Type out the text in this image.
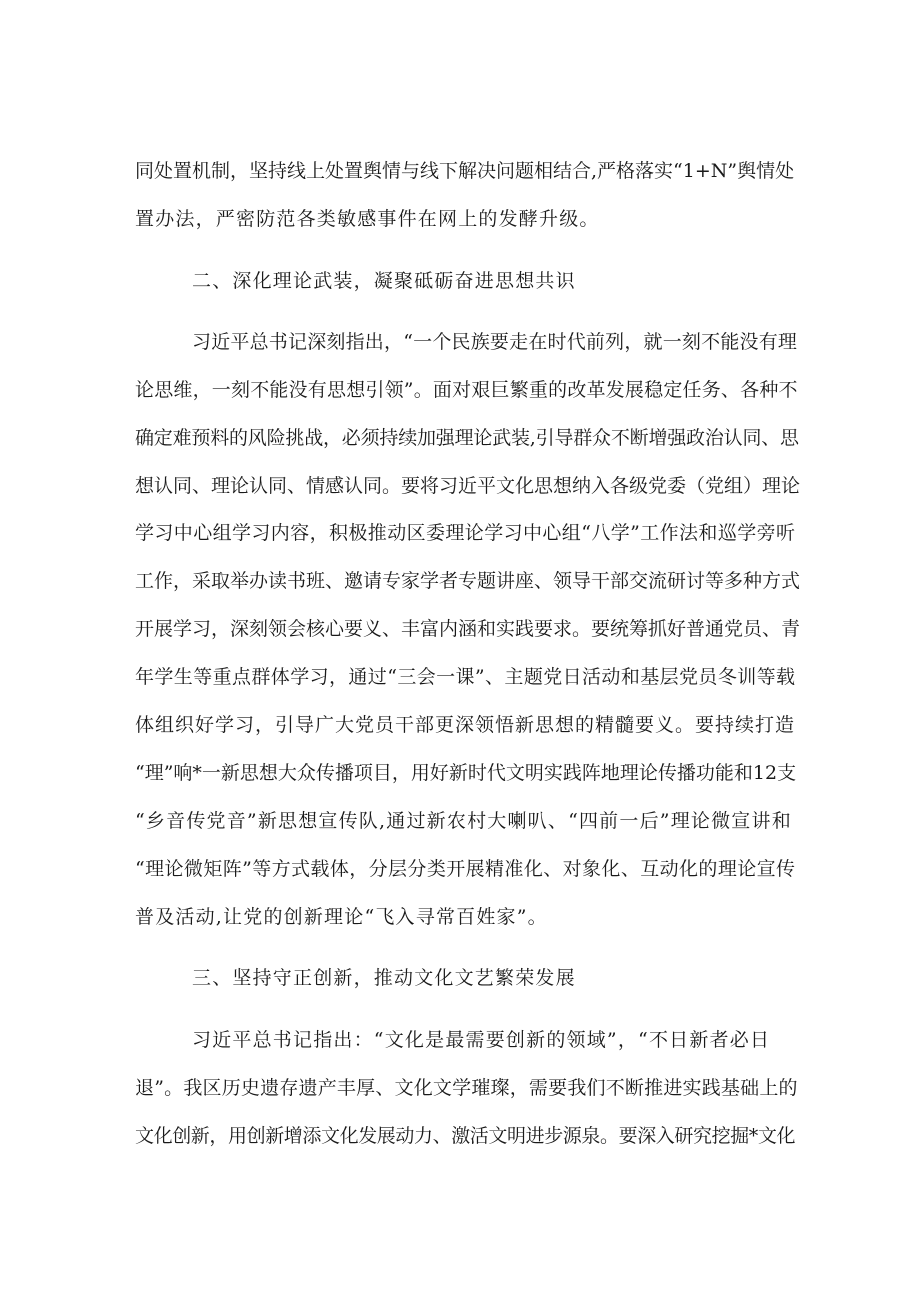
同处置机制，坚持线上处置舆情与线下解决问题相结合,严格落实“1+N”舆情处

置办法，严密防范各类敏感事件在网上的发酵升级。

二、深化理论武装，凝聚砥砺奋进思想共识

习近平总书记深刻指出，“一个民族要走在时代前列，就一刻不能没有理

论思维，一刻不能没有思想引领”。面对艰巨繁重的改革发展稳定任务、各种不

确定难预料的风险挑战，必须持续加强理论武装,引导群众不断增强政治认同、思

想认同、理论认同、情感认同。要将习近平文化思想纳入各级党委（党组）理论

学习中心组学习内容，积极推动区委理论学习中心组“八学”工作法和巡学旁听

工作，采取举办读书班、邀请专家学者专题讲座、领导干部交流研讨等多种方式

开展学习，深刻领会核心要义、丰富内涵和实践要求。要统筹抓好普通党员、青

年学生等重点群体学习，通过“三会一课”、主题党日活动和基层党员冬训等载

体组织好学习，引导广大党员干部更深领悟新思想的精髓要义。要持续打造

“理”响*一新思想大众传播项目，用好新时代文明实践阵地理论传播功能和12支

“乡音传党音”新思想宣传队,通过新农村大喇叭、“四前一后”理论微宣讲和

“理论微矩阵”等方式载体，分层分类开展精准化、对象化、互动化的理论宣传

普及活动,让党的创新理论“飞入寻常百姓家”。

三、坚持守正创新，推动文化文艺繁荣发展

习近平总书记指出：“文化是最需要创新的领域”，“不日新者必日

退”。我区历史遗存遗产丰厚、文化文学璀璨，需要我们不断推进实践基础上的

文化创新，用创新增添文化发展动力、激活文明进步源泉。要深入研究挖掘*文化
